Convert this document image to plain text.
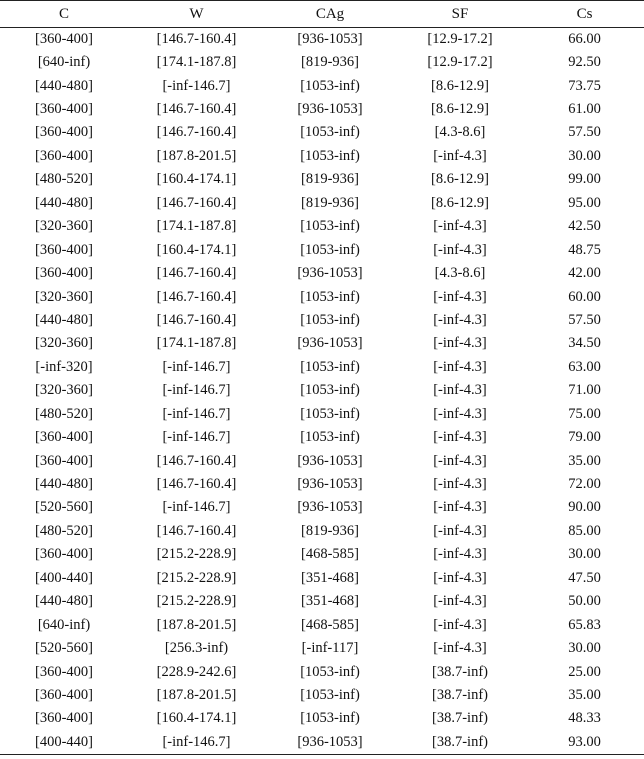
C	W	CAg	SF	Cs
[360-400]	[146.7-160.4]	[936-1053]	[12.9-17.2]	66.00
[640-inf)	[174.1-187.8]	[819-936]	[12.9-17.2]	92.50
[440-480]	[-inf-146.7]	[1053-inf)	[8.6-12.9]	73.75
[360-400]	[146.7-160.4]	[936-1053]	[8.6-12.9]	61.00
[360-400]	[146.7-160.4]	[1053-inf)	[4.3-8.6]	57.50
[360-400]	[187.8-201.5]	[1053-inf)	[-inf-4.3]	30.00
[480-520]	[160.4-174.1]	[819-936]	[8.6-12.9]	99.00
[440-480]	[146.7-160.4]	[819-936]	[8.6-12.9]	95.00
[320-360]	[174.1-187.8]	[1053-inf)	[-inf-4.3]	42.50
[360-400]	[160.4-174.1]	[1053-inf)	[-inf-4.3]	48.75
[360-400]	[146.7-160.4]	[936-1053]	[4.3-8.6]	42.00
[320-360]	[146.7-160.4]	[1053-inf)	[-inf-4.3]	60.00
[440-480]	[146.7-160.4]	[1053-inf)	[-inf-4.3]	57.50
[320-360]	[174.1-187.8]	[936-1053]	[-inf-4.3]	34.50
[-inf-320]	[-inf-146.7]	[1053-inf)	[-inf-4.3]	63.00
[320-360]	[-inf-146.7]	[1053-inf)	[-inf-4.3]	71.00
[480-520]	[-inf-146.7]	[1053-inf)	[-inf-4.3]	75.00
[360-400]	[-inf-146.7]	[1053-inf)	[-inf-4.3]	79.00
[360-400]	[146.7-160.4]	[936-1053]	[-inf-4.3]	35.00
[440-480]	[146.7-160.4]	[936-1053]	[-inf-4.3]	72.00
[520-560]	[-inf-146.7]	[936-1053]	[-inf-4.3]	90.00
[480-520]	[146.7-160.4]	[819-936]	[-inf-4.3]	85.00
[360-400]	[215.2-228.9]	[468-585]	[-inf-4.3]	30.00
[400-440]	[215.2-228.9]	[351-468]	[-inf-4.3]	47.50
[440-480]	[215.2-228.9]	[351-468]	[-inf-4.3]	50.00
[640-inf)	[187.8-201.5]	[468-585]	[-inf-4.3]	65.83
[520-560]	[256.3-inf)	[-inf-117]	[-inf-4.3]	30.00
[360-400]	[228.9-242.6]	[1053-inf)	[38.7-inf)	25.00
[360-400]	[187.8-201.5]	[1053-inf)	[38.7-inf)	35.00
[360-400]	[160.4-174.1]	[1053-inf)	[38.7-inf)	48.33
[400-440]	[-inf-146.7]	[936-1053]	[38.7-inf)	93.00
